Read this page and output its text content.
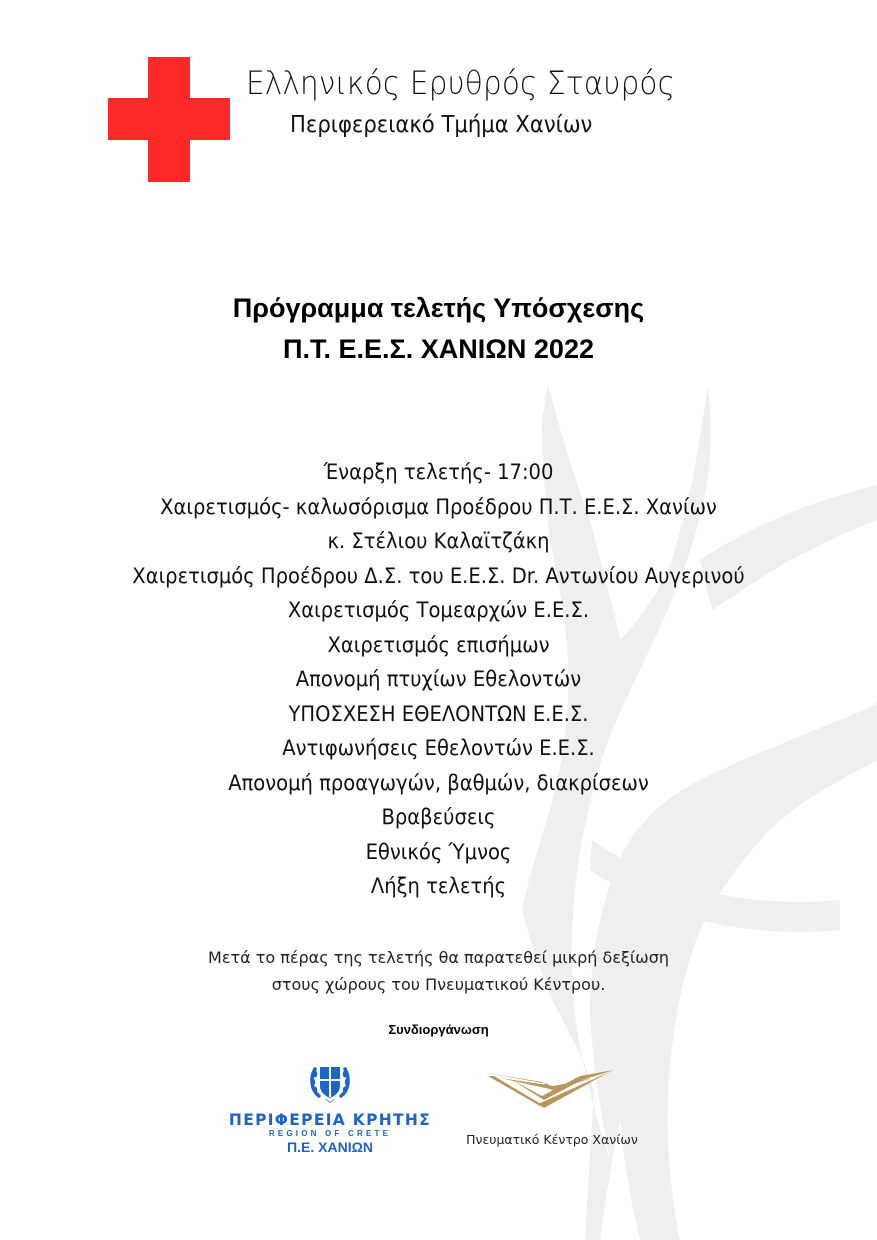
Ελληνικός Ερυθρός Σταυρός
Περιφερειακό Τμήμα Χανίων
Πρόγραμμα τελετής Υπόσχεσης
Π.Τ. Ε.Ε.Σ. ΧΑΝΙΩΝ 2022
Έναρξη τελετής- 17:00
Χαιρετισμός- καλωσόρισμα Προέδρου Π.Τ. Ε.Ε.Σ. Χανίων
κ. Στέλιου Καλαϊτζάκη
Χαιρετισμός Προέδρου Δ.Σ. του Ε.Ε.Σ. Dr. Αντωνίου Αυγερινού
Χαιρετισμός Τομεαρχών Ε.Ε.Σ.
Χαιρετισμός επισήμων
Απονομή πτυχίων Εθελοντών
ΥΠΟΣΧΕΣΗ ΕΘΕΛΟΝΤΩΝ Ε.Ε.Σ.
Αντιφωνήσεις Εθελοντών Ε.Ε.Σ.
Απονομή προαγωγών, βαθμών, διακρίσεων
Βραβεύσεις
Εθνικός Ύμνος
Λήξη τελετής
Μετά το πέρας της τελετής θα παρατεθεί μικρή δεξίωση
στους χώρους του Πνευματικού Κέντρου.
Συνδιοργάνωση
ΠΕΡΙΦΕΡΕΙΑ ΚΡΗΤΗΣ
REGION OF CRETE
Π.Ε. ΧΑΝΙΩΝ	Πνευματικό Κέντρο Χανίων
